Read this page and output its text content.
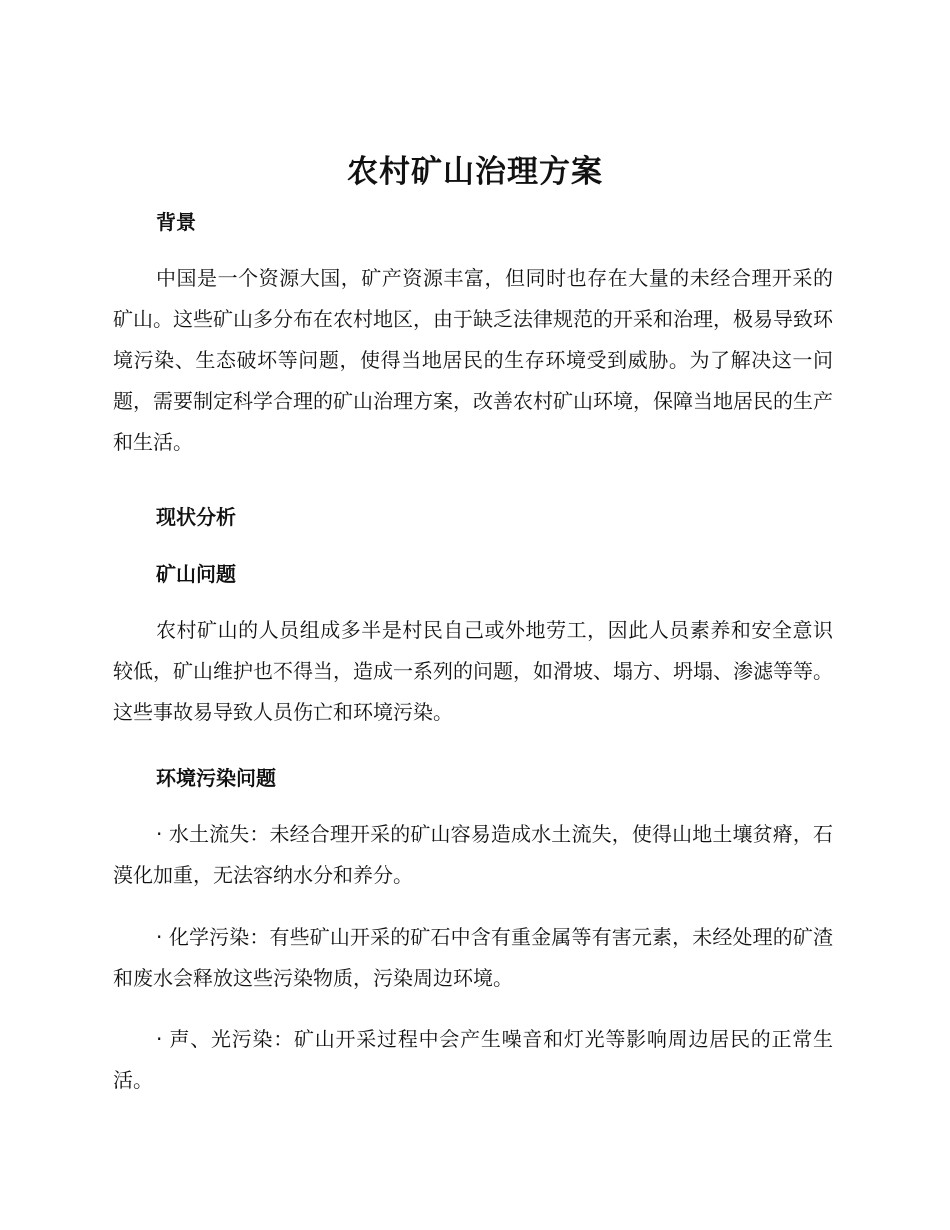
农村矿山治理方案
背景

中国是一个资源大国，矿产资源丰富，但同时也存在大量的未经合理开采的矿山。这些矿山多分布在农村地区，由于缺乏法律规范的开采和治理，极易导致环境污染、生态破坏等问题，使得当地居民的生存环境受到威胁。为了解决这一问题，需要制定科学合理的矿山治理方案，改善农村矿山环境，保障当地居民的生产和生活。

现状分析
矿山问题

农村矿山的人员组成多半是村民自己或外地劳工，因此人员素养和安全意识较低，矿山维护也不得当，造成一系列的问题，如滑坡、塌方、坍塌、渗滤等等。这些事故易导致人员伤亡和环境污染。

环境污染问题

· 水土流失：未经合理开采的矿山容易造成水土流失，使得山地土壤贫瘠，石漠化加重，无法容纳水分和养分。

· 化学污染：有些矿山开采的矿石中含有重金属等有害元素，未经处理的矿渣和废水会释放这些污染物质，污染周边环境。

· 声、光污染：矿山开采过程中会产生噪音和灯光等影响周边居民的正常生活。
